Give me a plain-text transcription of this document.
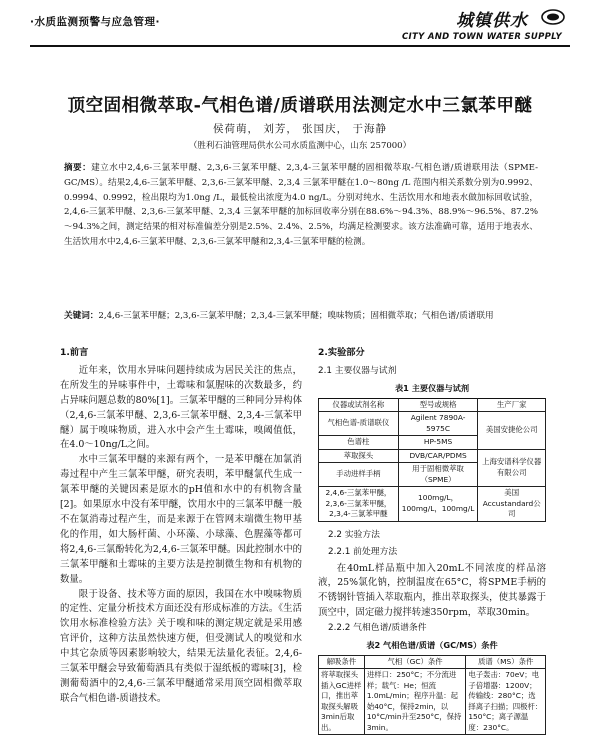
·水质监测预警与应急管理·	城镇供水
CITY AND TOWN WATER SUPPLY
顶空固相微萃取-气相色谱/质谱联用法测定水中三氯苯甲醚
侯荷萌， 刘芳， 张国庆， 于海静
（胜利石油管理局供水公司水质监测中心，山东 257000）
摘要：建立水中2,4,6-三氯苯甲醚、2,3,6-三氯苯甲醚、2,3,4-三氯苯甲醚的固相微萃取-气相色谱/质谱联用法（SPME-GC/MS）。结果2,4,6-三氯苯甲醚、2,3,6-三氯苯甲醚、2,3,4 三氯苯甲醚在1.0～80ng /L 范围内相关系数分别为0.9992、0.9994、0.9992，检出限均为1.0ng /L，最低检出浓度为4.0 ng/L。分别对纯水、生活饮用水和地表水做加标回收试验，2,4,6-三氯苯甲醚、2,3,6-三氯苯甲醚、2,3,4 三氯苯甲醚的加标回收率分别在88.6%～94.3%、88.9%～96.5%、87.2%～94.3%之间，测定结果的相对标准偏差分别是2.5%、2.4%、2.5%，均满足检测要求。该方法准确可靠，适用于地表水、生活饮用水中2,4,6-三氯苯甲醚、2,3,6-三氯苯甲醚和2,3,4-三氯苯甲醚的检测。
关键词：2,4,6-三氯苯甲醚；2,3,6-三氯苯甲醚；2,3,4-三氯苯甲醚；嗅味物质；固相微萃取；气相色谱/质谱联用
1.前言

近年来，饮用水异味问题持续成为居民关注的焦点，在所发生的异味事件中，土霉味和氯腥味的次数最多，约占异味问题总数的80%[1]。三氯苯甲醚的三种同分异构体（2,4,6-三氯苯甲醚、2,3,6-三氯苯甲醚、2,3,4-三氯苯甲醚）属于嗅味物质，进入水中会产生土霉味，嗅阈值低，在4.0～10ng/L之间。

水中三氯苯甲醚的来源有两个，一是苯甲醚在加氯消毒过程中产生三氯苯甲醚，研究表明，苯甲醚氯代生成一氯苯甲醚的关键因素是原水的pH值和水中的有机物含量[2]。如果原水中没有苯甲醚，饮用水中的三氯苯甲醚一般不在氯消毒过程产生，而是来源于在管网末端微生物甲基化的作用，如大肠杆菌、小环藻、小球藻、色腥藻等都可将2,4,6-三氯酚转化为2,4,6-三氯苯甲醚。因此控制水中的三氯苯甲醚和土霉味的主要方法是控制微生物和有机物的数量。

限于设备、技术等方面的原因，我国在水中嗅味物质的定性、定量分析技术方面还没有形成标准的方法。《生活饮用水标准检验方法》关于嗅和味的测定规定就是采用感官评价，这种方法虽然快速方便，但受测试人的嗅觉和水中其它杂质等因素影响较大，结果无法量化表征。2,4,6-三氯苯甲醚会导致葡萄酒具有类似于湿纸板的霉味[3]，检测葡萄酒中的2,4,6-三氯苯甲醚通常采用顶空固相微萃取联合气相色谱-质谱技术。

2.实验部分
2.1 主要仪器与试剂
表1 主要仪器与试剂
仪器或试剂名称	型号或规格	生产厂家
气相色谱-质谱联仪	Agilent 7890A-5975C	美国安捷伦公司
色谱柱	HP-5MS	
萃取探头	DVB/CAR/PDMS	上海安谱科学仪器有限公司
手动进样手柄	用于固相微萃取（SPME）	
2,4,6-三氯苯甲醚，2,3,6-三氯苯甲醚，2,3,4-三氯苯甲醚	100mg/L，100mg/L，100mg/L	美国Accustandard公司
2.2 实验方法
2.2.1 前处理方法

在40mL样品瓶中加入20mL不同浓度的样品溶液，25%氯化钠，控制温度在65°C，将SPME手柄的不锈钢针管插入萃取瓶内，推出萃取探头，使其暴露于顶空中，固定磁力搅拌转速350rpm，萃取30min。

2.2.2 气相色谱/质谱条件
表2 气相色谱/质谱（GC/MS）条件
解吸条件	气相（GC）条件	质谱（MS）条件
将萃取探头插入GC进样口，推出萃取探头解吸3min后取出。	进样口：250°C；不分流进样；载气：He；恒流1.0mL/min；程序升温：起始40°C，保持2min，以10°C/min升至250°C，保持3min。	电子轰击：70eV；电子倍增器：1200V；传输线：280°C；选择离子扫描；四极杆：150°C；离子源温度：230°C。
